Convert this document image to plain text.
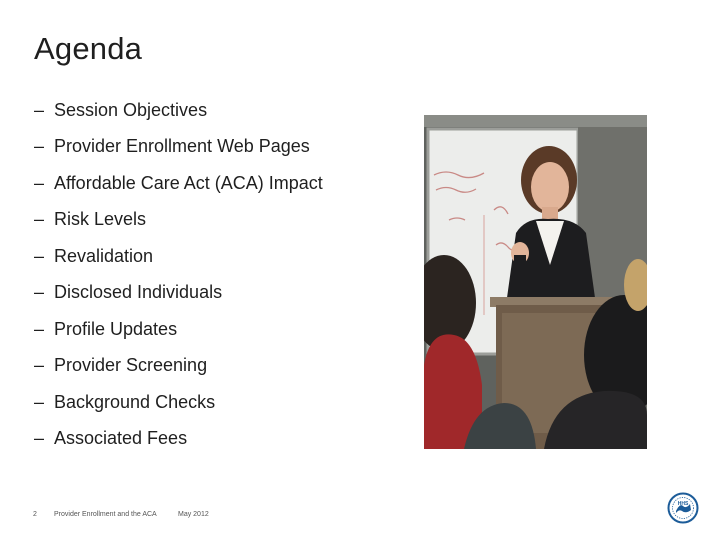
Agenda
– Session Objectives
– Provider Enrollment Web Pages
– Affordable Care Act (ACA) Impact
– Risk Levels
– Revalidation
– Disclosed Individuals
– Profile Updates
– Provider Screening
– Background Checks
– Associated Fees
2 Provider Enrollment and the ACA	May 2012
HHS
